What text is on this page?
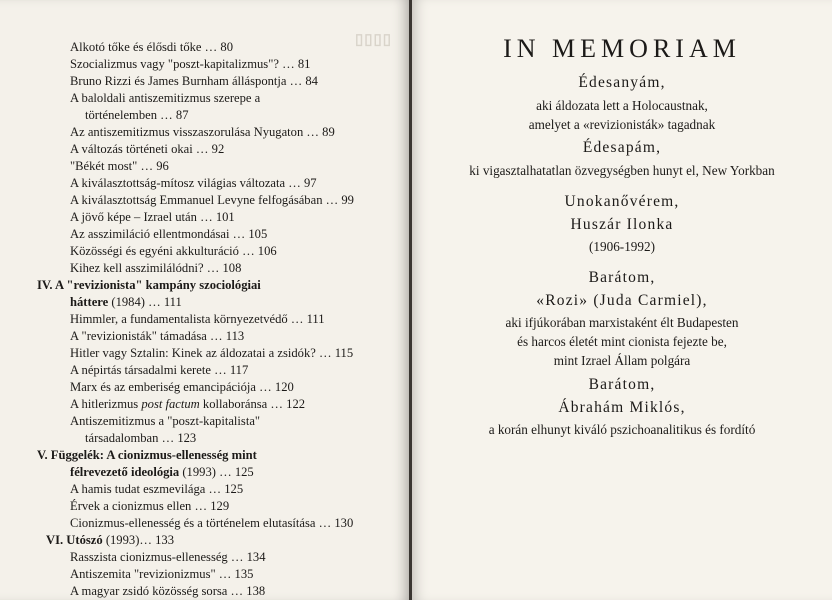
▯▯▯▯
Alkotó tőke és élősdi tőke … 80
Szocializmus vagy "poszt-kapitalizmus"? … 81
Bruno Rizzi és James Burnham álláspontja … 84
A baloldali antiszemitizmus szerepe a
történelemben … 87
Az antiszemitizmus visszaszorulása Nyugaton … 89
A változás történeti okai … 92
"Békét most" … 96
A kiválasztottság-mítosz világias változata … 97
A kiválasztottság Emmanuel Levyne felfogásában … 99
A jövő képe – Izrael után … 101
Az asszimiláció ellentmondásai … 105
Közösségi és egyéni akkulturáció … 106
Kihez kell asszimilálódni? … 108
IV. A "revizionista" kampány szociológiai
háttere (1984) … 111
Himmler, a fundamentalista környezetvédő … 111
A "revizionisták" támadása … 113
Hitler vagy Sztalin: Kinek az áldozatai a zsidók? … 115
A népirtás társadalmi kerete … 117
Marx és az emberiség emancipációja … 120
A hitlerizmus post factum kollaboránsa … 122
Antiszemitizmus a "poszt-kapitalista"
társadalomban … 123
V. Függelék: A cionizmus-ellenesség mint
félrevezető ideológia (1993) … 125
A hamis tudat eszmevilága … 125
Érvek a cionizmus ellen … 129
Cionizmus-ellenesség és a történelem elutasítása … 130
VI. Utószó (1993)… 133
Rasszista cionizmus-ellenesség … 134
Antiszemita "revizionizmus" … 135
A magyar zsidó közösség sorsa … 138
IN MEMORIAM
Édesanyám,
aki áldozata lett a Holocaustnak,
amelyet a «revizionisták» tagadnak
Édesapám,
ki vigasztalhatatlan özvegységben hunyt el, New Yorkban
Unokanővérem,
Huszár Ilonka
(1906-1992)
Barátom,
«Rozi» (Juda Carmiel),
aki ifjúkorában marxistaként élt Budapesten
és harcos életét mint cionista fejezte be,
mint Izrael Állam polgára
Barátom,
Ábrahám Miklós,
a korán elhunyt kiváló pszichoanalitikus és fordító
